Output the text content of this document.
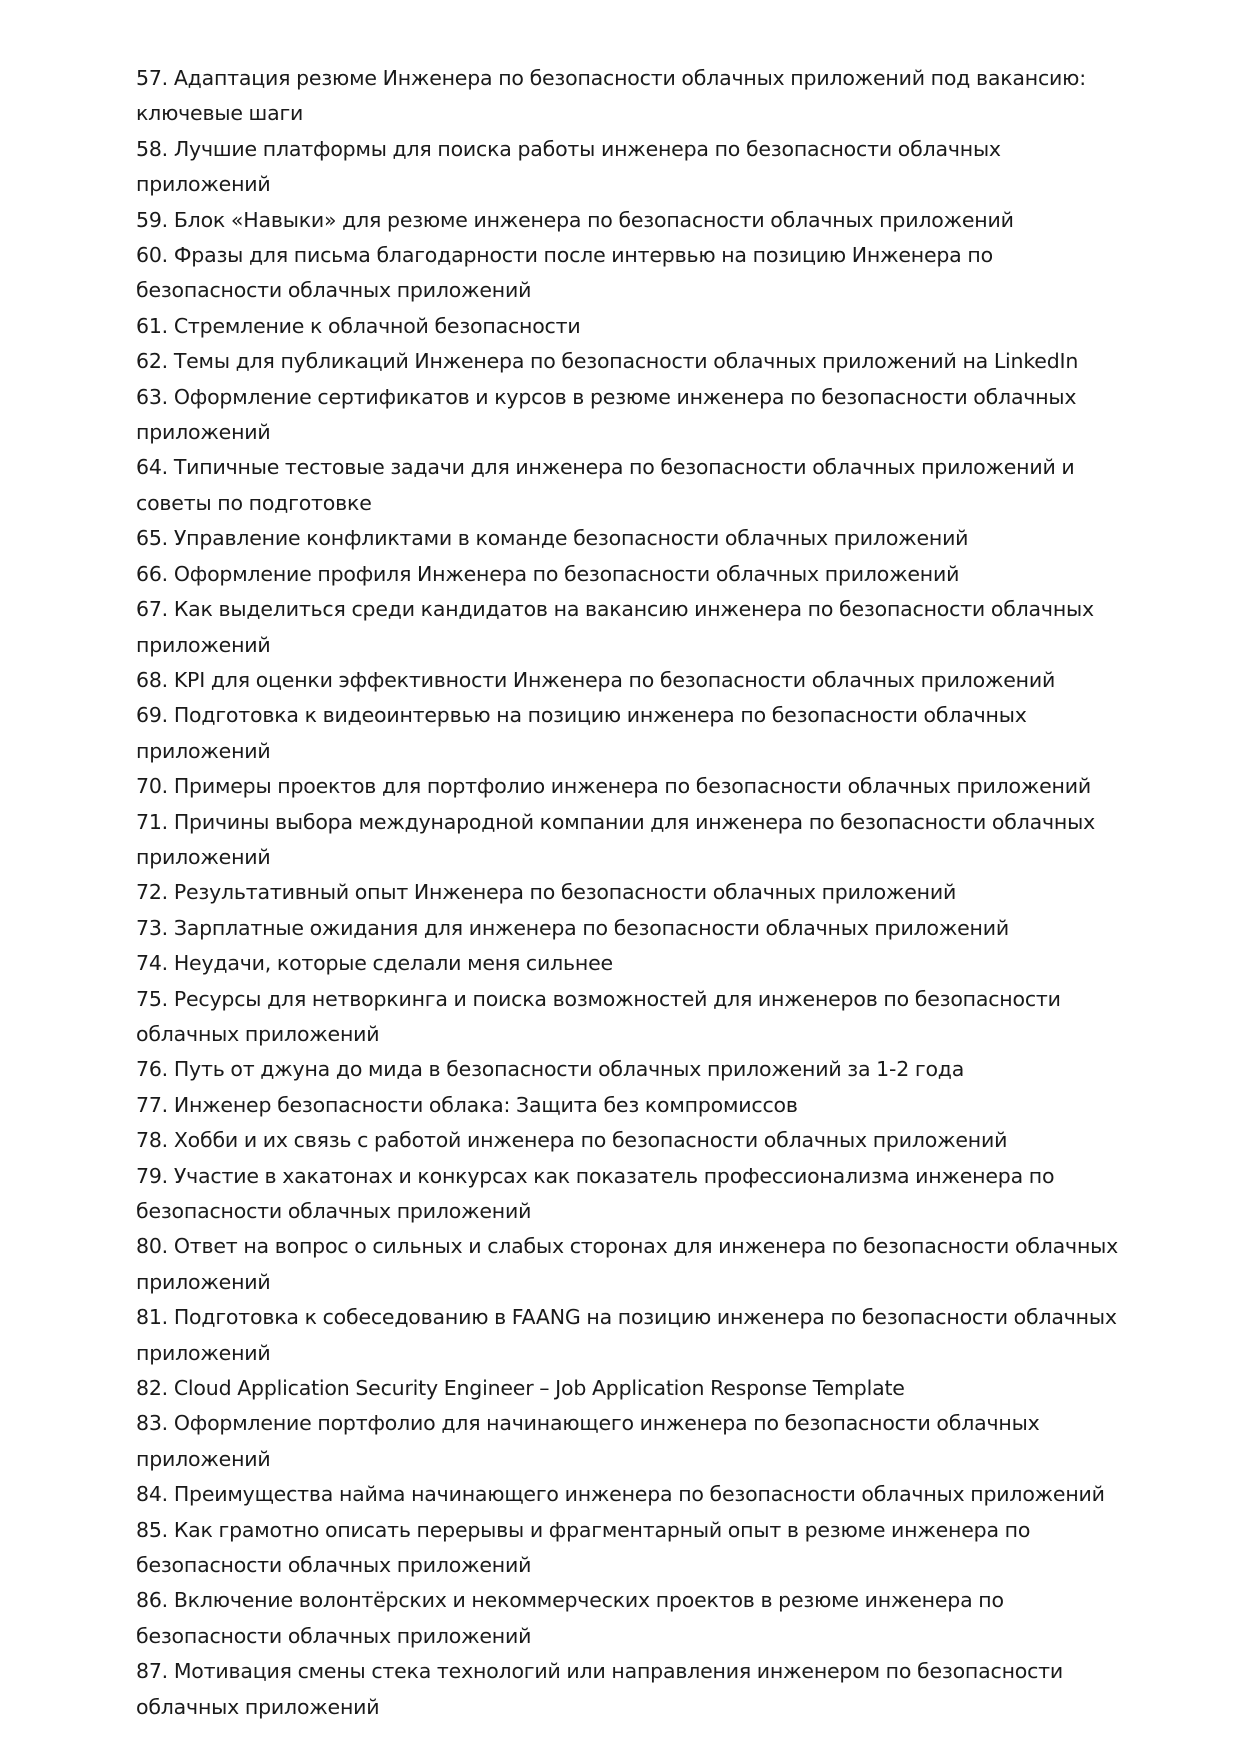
57. Адаптация резюме Инженера по безопасности облачных приложений под вакансию: ключевые шаги
58. Лучшие платформы для поиска работы инженера по безопасности облачных приложений
59. Блок «Навыки» для резюме инженера по безопасности облачных приложений
60. Фразы для письма благодарности после интервью на позицию Инженера по безопасности облачных приложений
61. Стремление к облачной безопасности
62. Темы для публикаций Инженера по безопасности облачных приложений на LinkedIn
63. Оформление сертификатов и курсов в резюме инженера по безопасности облачных приложений
64. Типичные тестовые задачи для инженера по безопасности облачных приложений и советы по подготовке
65. Управление конфликтами в команде безопасности облачных приложений
66. Оформление профиля Инженера по безопасности облачных приложений
67. Как выделиться среди кандидатов на вакансию инженера по безопасности облачных приложений
68. KPI для оценки эффективности Инженера по безопасности облачных приложений
69. Подготовка к видеоинтервью на позицию инженера по безопасности облачных приложений
70. Примеры проектов для портфолио инженера по безопасности облачных приложений
71. Причины выбора международной компании для инженера по безопасности облачных приложений
72. Результативный опыт Инженера по безопасности облачных приложений
73. Зарплатные ожидания для инженера по безопасности облачных приложений
74. Неудачи, которые сделали меня сильнее
75. Ресурсы для нетворкинга и поиска возможностей для инженеров по безопасности облачных приложений
76. Путь от джуна до мида в безопасности облачных приложений за 1-2 года
77. Инженер безопасности облака: Защита без компромиссов
78. Хобби и их связь с работой инженера по безопасности облачных приложений
79. Участие в хакатонах и конкурсах как показатель профессионализма инженера по безопасности облачных приложений
80. Ответ на вопрос о сильных и слабых сторонах для инженера по безопасности облачных приложений
81. Подготовка к собеседованию в FAANG на позицию инженера по безопасности облачных приложений
82. Cloud Application Security Engineer – Job Application Response Template
83. Оформление портфолио для начинающего инженера по безопасности облачных приложений
84. Преимущества найма начинающего инженера по безопасности облачных приложений
85. Как грамотно описать перерывы и фрагментарный опыт в резюме инженера по безопасности облачных приложений
86. Включение волонтёрских и некоммерческих проектов в резюме инженера по безопасности облачных приложений
87. Мотивация смены стека технологий или направления инженером по безопасности облачных приложений
